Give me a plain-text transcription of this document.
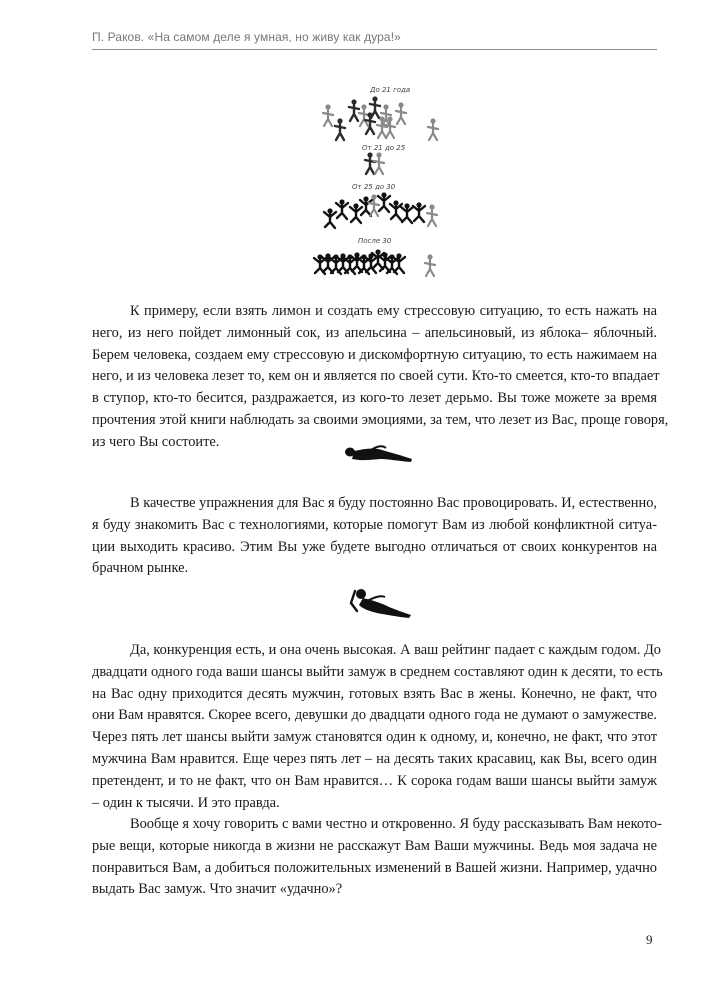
П. Раков. «На самом деле я умная, но живу как дура!»
До 21 года
От 21 до 25
От 25 до 30
После 30

К примеру, если взять лимон и создать ему стрессовую ситуацию, то есть нажать на
него, из него пойдет лимонный сок, из апельсина – апельсиновый, из яблока– яблочный.
Берем человека, создаем ему стрессовую и дискомфортную ситуацию, то есть нажимаем на
него, и из человека лезет то, кем он и является по своей сути. Кто-то смеется, кто-то впадает
в ступор, кто-то бесится, раздражается, из кого-то лезет дерьмо. Вы тоже можете за время
прочтения этой книги наблюдать за своими эмоциями, за тем, что лезет из Вас, проще говоря,
из чего Вы состоите.

В качестве упражнения для Вас я буду постоянно Вас провоцировать. И, естественно,
я буду знакомить Вас с технологиями, которые помогут Вам из любой конфликтной ситуа-
ции выходить красиво. Этим Вы уже будете выгодно отличаться от своих конкурентов на
брачном рынке.

Да, конкуренция есть, и она очень высокая. А ваш рейтинг падает с каждым годом. До
двадцати одного года ваши шансы выйти замуж в среднем составляют один к десяти, то есть
на Вас одну приходится десять мужчин, готовых взять Вас в жены. Конечно, не факт, что
они Вам нравятся. Скорее всего, девушки до двадцати одного года не думают о замужестве.
Через пять лет шансы выйти замуж становятся один к одному, и, конечно, не факт, что этот
мужчина Вам нравится. Еще через пять лет – на десять таких красавиц, как Вы, всего один
претендент, и то не факт, что он Вам нравится… К сорока годам ваши шансы выйти замуж
– один к тысячи. И это правда.

Вообще я хочу говорить с вами честно и откровенно. Я буду рассказывать Вам некото-
рые вещи, которые никогда в жизни не расскажут Вам Ваши мужчины. Ведь моя задача не
понравиться Вам, а добиться положительных изменений в Вашей жизни. Например, удачно
выдать Вас замуж. Что значит «удачно»?

9
